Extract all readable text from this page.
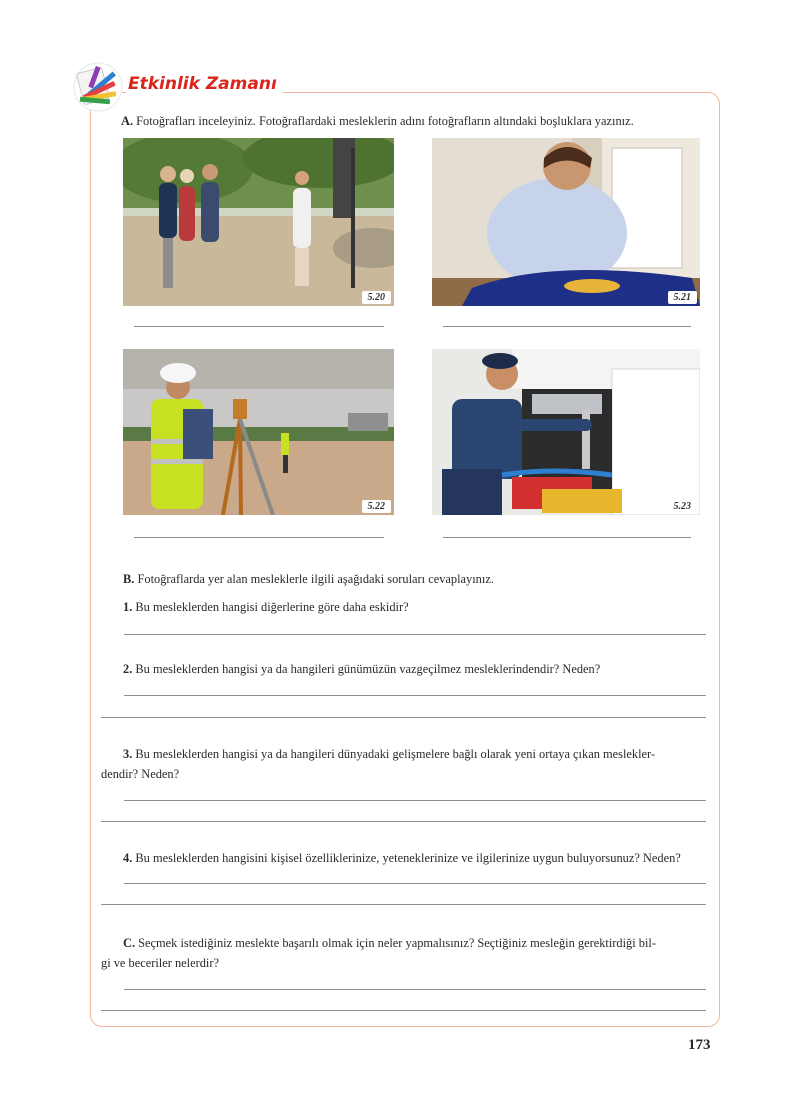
Etkinlik Zamanı

A. Fotoğrafları inceleyiniz. Fotoğraflardaki mesleklerin adını fotoğrafların altındaki boşluklara yazınız.

5.20	5.21
5.22	5.23

B. Fotoğraflarda yer alan mesleklerle ilgili aşağıdaki soruları cevaplayınız.

1. Bu mesleklerden hangisi diğerlerine göre daha eskidir?

2. Bu mesleklerden hangisi ya da hangileri günümüzün vazgeçilmez mesleklerindendir? Neden?

3. Bu mesleklerden hangisi ya da hangileri dünyadaki gelişmelere bağlı olarak yeni ortaya çıkan meslekler-

dendir? Neden?

4. Bu mesleklerden hangisini kişisel özelliklerinize, yeteneklerinize ve ilgilerinize uygun buluyorsunuz? Neden?

C. Seçmek istediğiniz meslekte başarılı olmak için neler yapmalısınız? Seçtiğiniz mesleğin gerektirdiği bil-

gi ve beceriler nelerdir?

173
